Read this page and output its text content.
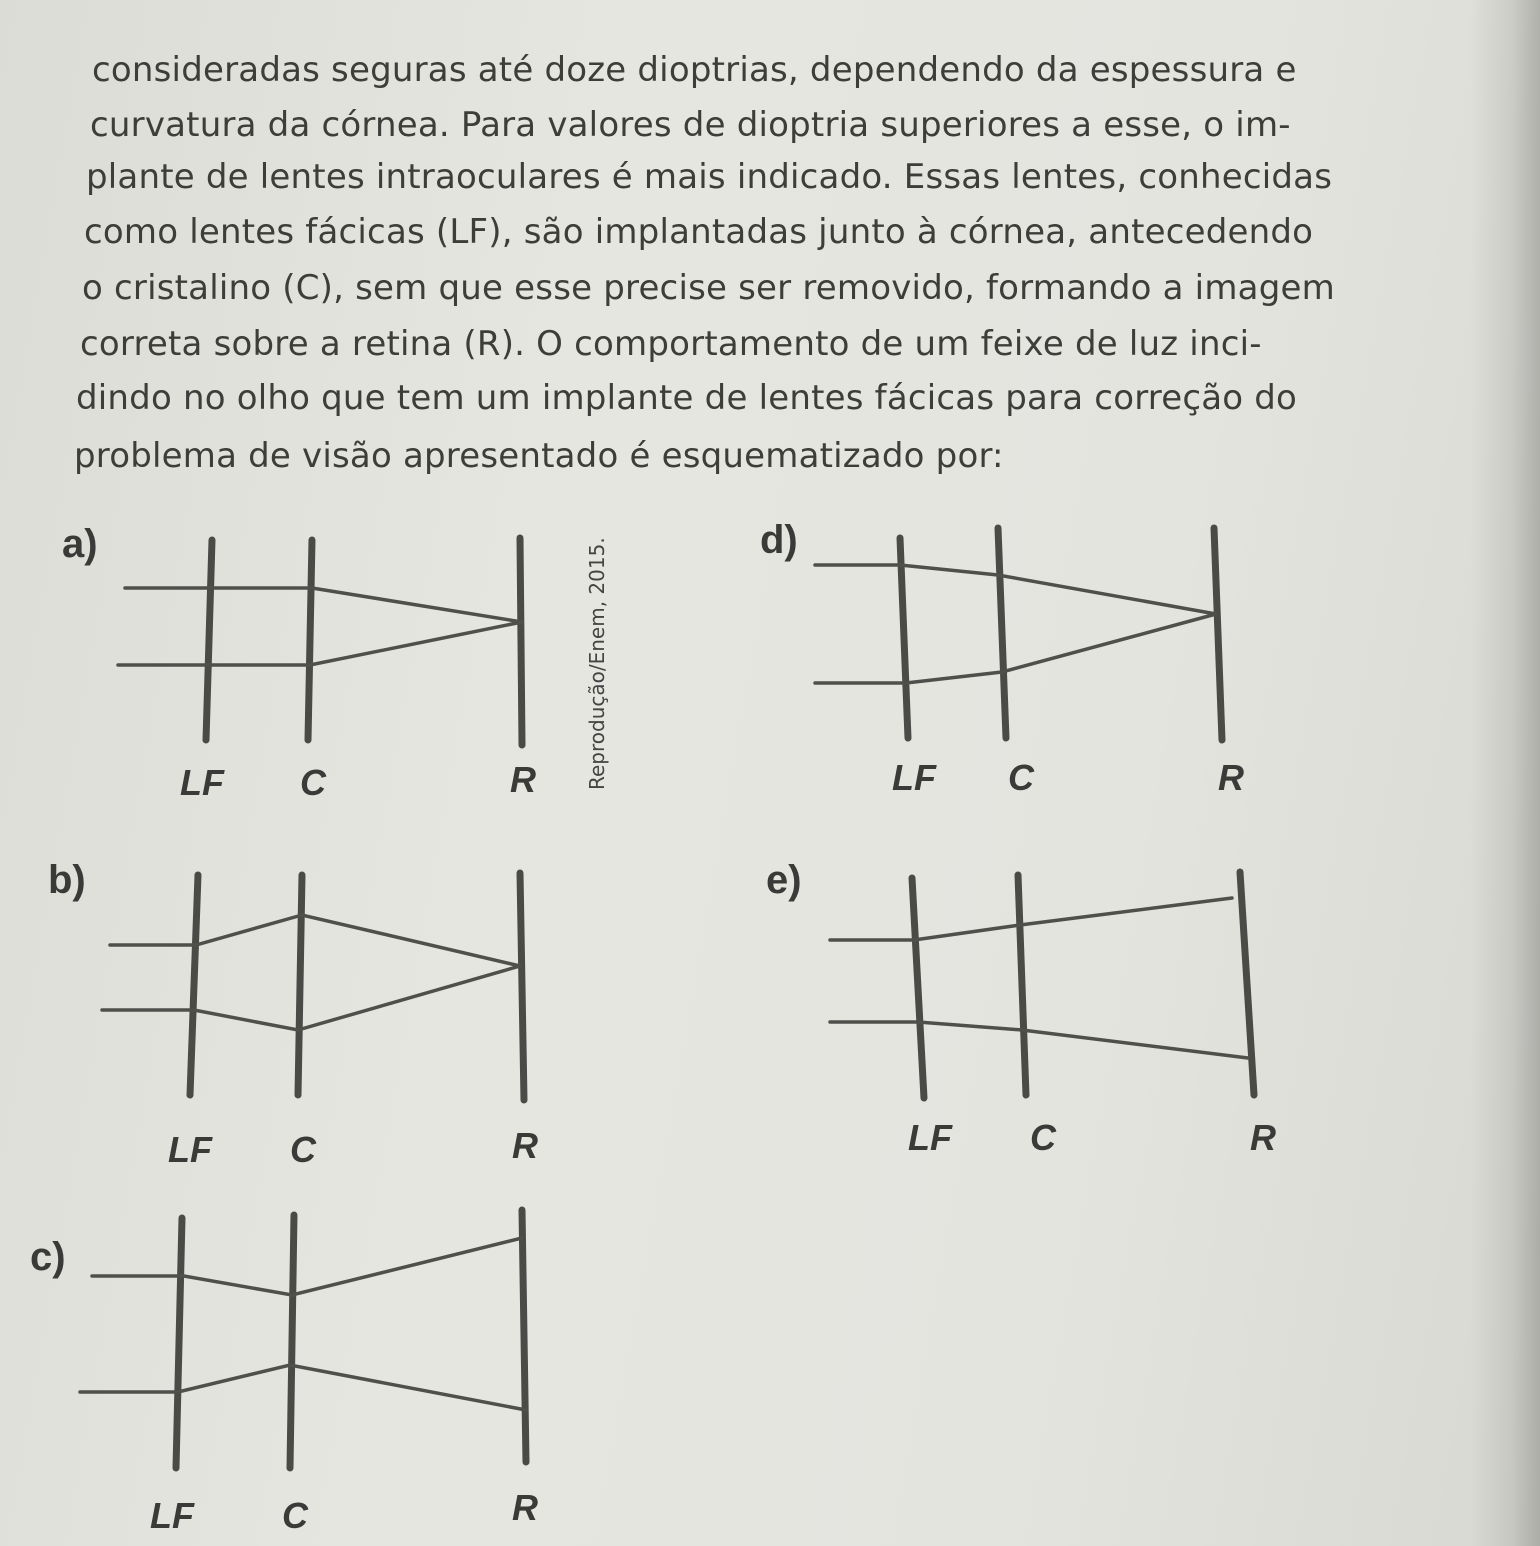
consideradas seguras até doze dioptrias, dependendo da espessura e

curvatura da córnea. Para valores de dioptria superiores a esse, o im-

plante de lentes intraoculares é mais indicado. Essas lentes, conhecidas

como lentes fácicas (LF), são implantadas junto à córnea, antecedendo

o cristalino (C), sem que esse precise ser removido, formando a imagem

correta sobre a retina (R). O comportamento de um feixe de luz inci-

dindo no olho que tem um implante de lentes fácicas para correção do

problema de visão apresentado é esquematizado por:

Reprodução/Enem, 2015.
a)
b)
c)
d)
e)
LF C	R
LF C	R
LF C	R
LF C	R
LF C	R
